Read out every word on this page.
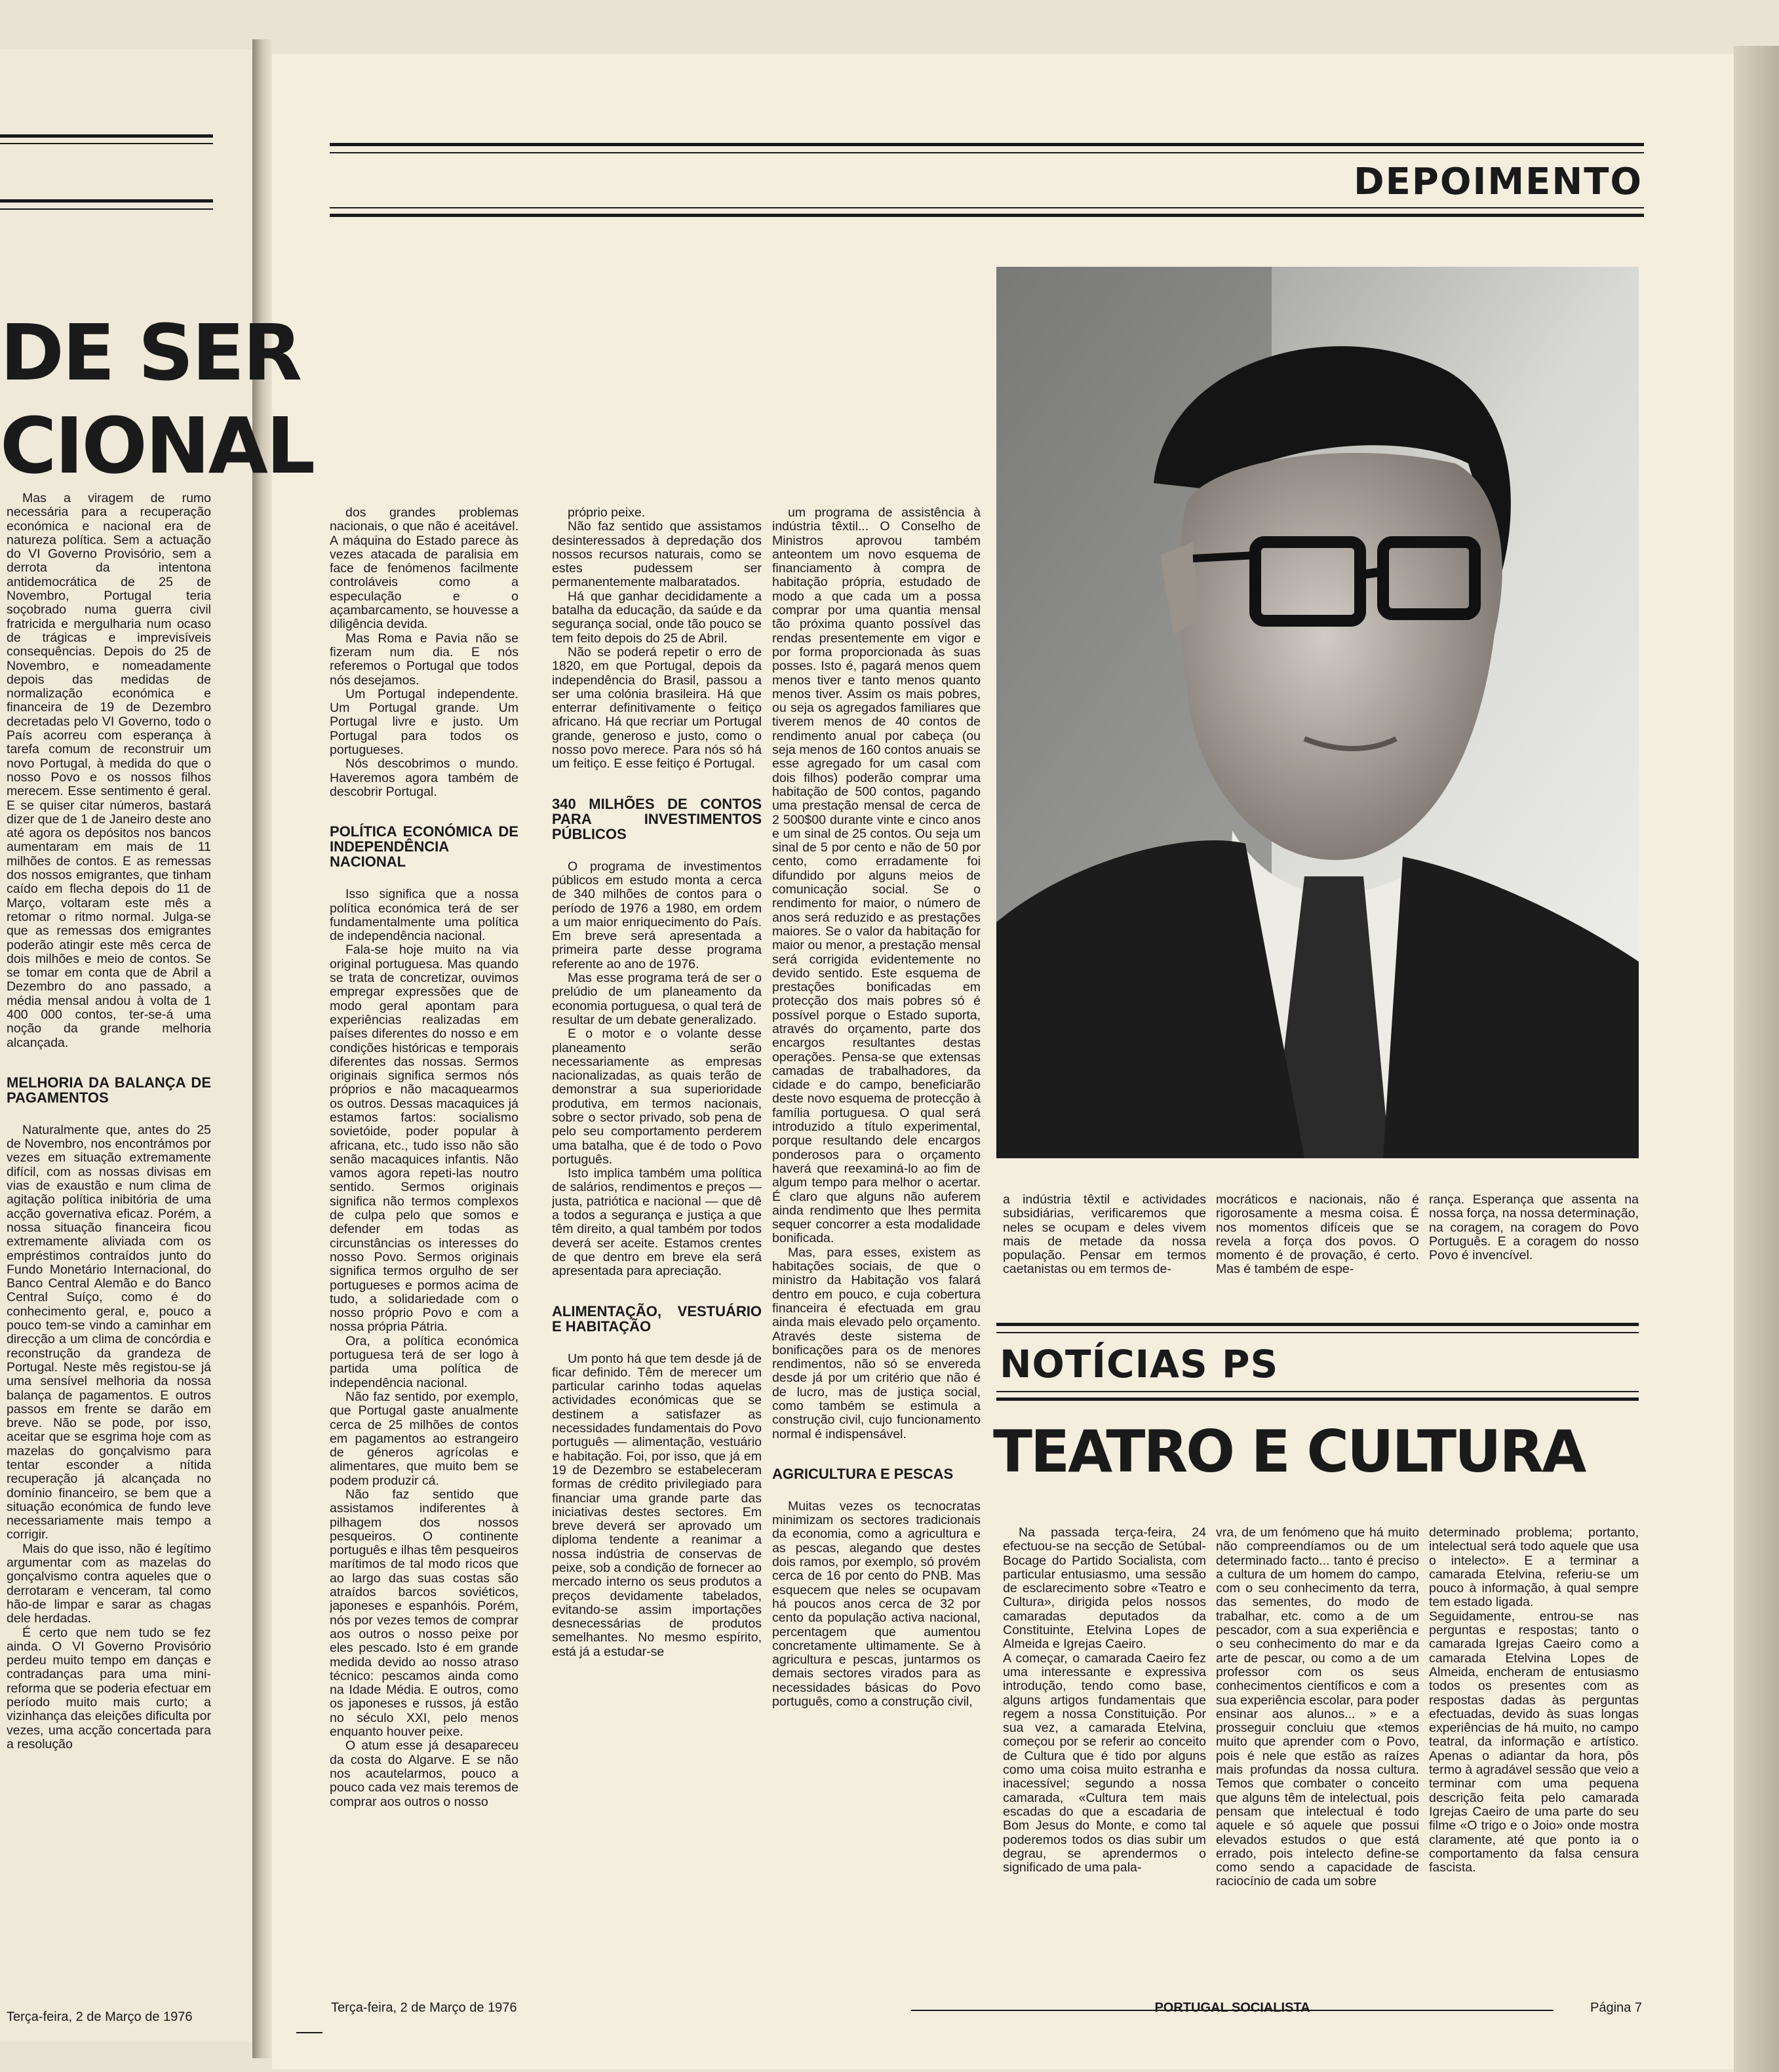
DE SER
CIONAL

Mas a viragem de rumo necessária para a recuperação económica e nacional era de natureza política. Sem a actuação do VI Governo Provisório, sem a derrota da intentona antidemocrática de 25 de Novembro, Portugal teria soçobrado numa guerra civil fratricida e mergulharia num ocaso de trágicas e imprevisíveis consequências. Depois do 25 de Novembro, e nomeadamente depois das medidas de normalização económica e financeira de 19 de Dezembro decretadas pelo VI Governo, todo o País acorreu com esperança à tarefa comum de reconstruir um novo Portugal, à medida do que o nosso Povo e os nossos filhos merecem. Esse sentimento é geral. E se quiser citar números, bastará dizer que de 1 de Janeiro deste ano até agora os depósitos nos bancos aumentaram em mais de 11 milhões de contos. E as remessas dos nossos emigrantes, que tinham caído em flecha depois do 11 de Março, voltaram este mês a retomar o ritmo normal. Julga-se que as remessas dos emigrantes poderão atingir este mês cerca de dois milhões e meio de contos. Se se tomar em conta que de Abril a Dezembro do ano passado, a média mensal andou à volta de 1 400 000 contos, ter-se-á uma noção da grande melhoria alcançada.

MELHORIA DA BALANÇA DE PAGAMENTOS

Naturalmente que, antes do 25 de Novembro, nos encontrámos por vezes em situação extremamente difícil, com as nossas divisas em vias de exaustão e num clima de agitação política inibitória de uma acção governativa eficaz. Porém, a nossa situação financeira ficou extremamente aliviada com os empréstimos contraídos junto do Fundo Monetário Internacional, do Banco Central Alemão e do Banco Central Suíço, como é do conhecimento geral, e, pouco a pouco tem-se vindo a caminhar em direcção a um clima de concórdia e reconstrução da grandeza de Portugal. Neste mês registou-se já uma sensível melhoria da nossa balança de pagamentos. E outros passos em frente se darão em breve. Não se pode, por isso, aceitar que se esgrima hoje com as mazelas do gonçalvismo para tentar esconder a nítida recuperação já alcançada no domínio financeiro, se bem que a situação económica de fundo leve necessariamente mais tempo a corrigir.

Mais do que isso, não é legítimo argumentar com as mazelas do gonçalvismo contra aqueles que o derrotaram e venceram, tal como hão-de limpar e sarar as chagas dele herdadas.

É certo que nem tudo se fez ainda. O VI Governo Provisório perdeu muito tempo em danças e contradanças para uma mini-reforma que se poderia efectuar em período muito mais curto; a vizinhança das eleições dificulta por vezes, uma acção concertada para a resolução

Terça-feira, 2 de Março de 1976
DEPOIMENTO

dos grandes problemas nacionais, o que não é aceitável. A máquina do Estado parece às vezes atacada de paralisia em face de fenómenos facilmente controláveis como a especulação e o açambarcamento, se houvesse a diligência devida.

Mas Roma e Pavia não se fizeram num dia. E nós referemos o Portugal que todos nós desejamos.

Um Portugal independente. Um Portugal grande. Um Portugal livre e justo. Um Portugal para todos os portugueses.

Nós descobrimos o mundo. Haveremos agora também de descobrir Portugal.

POLÍTICA ECONÓMICA DE INDEPENDÊNCIA NACIONAL

Isso significa que a nossa política económica terá de ser fundamentalmente uma política de independência nacional.

Fala-se hoje muito na via original portuguesa. Mas quando se trata de concretizar, ouvimos empregar expressões que de modo geral apontam para experiências realizadas em países diferentes do nosso e em condições históricas e temporais diferentes das nossas. Sermos originais significa sermos nós próprios e não macaquearmos os outros. Dessas macaquices já estamos fartos: socialismo sovietóide, poder popular à africana, etc., tudo isso não são senão macaquices infantis. Não vamos agora repeti-las noutro sentido. Sermos originais significa não termos complexos de culpa pelo que somos e defender em todas as circunstâncias os interesses do nosso Povo. Sermos originais significa termos orgulho de ser portugueses e pormos acima de tudo, a solidariedade com o nosso próprio Povo e com a nossa própria Pátria.

Ora, a política económica portuguesa terá de ser logo à partida uma política de independência nacional.

Não faz sentido, por exemplo, que Portugal gaste anualmente cerca de 25 milhões de contos em pagamentos ao estrangeiro de géneros agrícolas e alimentares, que muito bem se podem produzir cá.

Não faz sentido que assistamos indiferentes à pilhagem dos nossos pesqueiros. O continente português e ilhas têm pesqueiros marítimos de tal modo ricos que ao largo das suas costas são atraídos barcos soviéticos, japoneses e espanhóis. Porém, nós por vezes temos de comprar aos outros o nosso peixe por eles pescado. Isto é em grande medida devido ao nosso atraso técnico: pescamos ainda como na Idade Média. E outros, como os japoneses e russos, já estão no século XXI, pelo menos enquanto houver peixe.

O atum esse já desapareceu da costa do Algarve. E se não nos acautelarmos, pouco a pouco cada vez mais teremos de comprar aos outros o nosso

próprio peixe.

Não faz sentido que assistamos desinteressados à depredação dos nossos recursos naturais, como se estes pudessem ser permanentemente malbaratados.

Há que ganhar decididamente a batalha da educação, da saúde e da segurança social, onde tão pouco se tem feito depois do 25 de Abril.

Não se poderá repetir o erro de 1820, em que Portugal, depois da independência do Brasil, passou a ser uma colónia brasileira. Há que enterrar definitivamente o feitiço africano. Há que recriar um Portugal grande, generoso e justo, como o nosso povo merece. Para nós só há um feitiço. E esse feitiço é Portugal.

340 MILHÕES DE CONTOS PARA INVESTIMENTOS PÚBLICOS

O programa de investimentos públicos em estudo monta a cerca de 340 milhões de contos para o período de 1976 a 1980, em ordem a um maior enriquecimento do País. Em breve será apresentada a primeira parte desse programa referente ao ano de 1976.

Mas esse programa terá de ser o prelúdio de um planeamento da economia portuguesa, o qual terá de resultar de um debate generalizado.

E o motor e o volante desse planeamento serão necessariamente as empresas nacionalizadas, as quais terão de demonstrar a sua superioridade produtiva, em termos nacionais, sobre o sector privado, sob pena de pelo seu comportamento perderem uma batalha, que é de todo o Povo português.

Isto implica também uma política de salários, rendimentos e preços — justa, patriótica e nacional — que dê a todos a segurança e justiça a que têm direito, a qual também por todos deverá ser aceite. Estamos crentes de que dentro em breve ela será apresentada para apreciação.

ALIMENTAÇÃO, VESTUÁRIO E HABITAÇÃO

Um ponto há que tem desde já de ficar definido. Têm de merecer um particular carinho todas aquelas actividades económicas que se destinem a satisfazer as necessidades fundamentais do Povo português — alimentação, vestuário e habitação. Foi, por isso, que já em 19 de Dezembro se estabeleceram formas de crédito privilegiado para financiar uma grande parte das iniciativas destes sectores. Em breve deverá ser aprovado um diploma tendente a reanimar a nossa indústria de conservas de peixe, sob a condição de fornecer ao mercado interno os seus produtos a preços devidamente tabelados, evitando-se assim importações desnecessárias de produtos semelhantes. No mesmo espírito, está já a estudar-se

um programa de assistência à indústria têxtil... O Conselho de Ministros aprovou também anteontem um novo esquema de financiamento à compra de habitação própria, estudado de modo a que cada um a possa comprar por uma quantia mensal tão próxima quanto possível das rendas presentemente em vigor e por forma proporcionada às suas posses. Isto é, pagará menos quem menos tiver e tanto menos quanto menos tiver. Assim os mais pobres, ou seja os agregados familiares que tiverem menos de 40 contos de rendimento anual por cabeça (ou seja menos de 160 contos anuais se esse agregado for um casal com dois filhos) poderão comprar uma habitação de 500 contos, pagando uma prestação mensal de cerca de 2 500$00 durante vinte e cinco anos e um sinal de 25 contos. Ou seja um sinal de 5 por cento e não de 50 por cento, como erradamente foi difundido por alguns meios de comunicação social. Se o rendimento for maior, o número de anos será reduzido e as prestações maiores. Se o valor da habitação for maior ou menor, a prestação mensal será corrigida evidentemente no devido sentido. Este esquema de prestações bonificadas em protecção dos mais pobres só é possível porque o Estado suporta, através do orçamento, parte dos encargos resultantes destas operações. Pensa-se que extensas camadas de trabalhadores, da cidade e do campo, beneficiarão deste novo esquema de protecção à família portuguesa. O qual será introduzido a título experimental, porque resultando dele encargos ponderosos para o orçamento haverá que reexaminá-lo ao fim de algum tempo para melhor o acertar. É claro que alguns não auferem ainda rendimento que lhes permita sequer concorrer a esta modalidade bonificada.

Mas, para esses, existem as habitações sociais, de que o ministro da Habitação vos falará dentro em pouco, e cuja cobertura financeira é efectuada em grau ainda mais elevado pelo orçamento. Através deste sistema de bonificações para os de menores rendimentos, não só se envereda desde já por um critério que não é de lucro, mas de justiça social, como também se estimula a construção civil, cujo funcionamento normal é indispensável.

AGRICULTURA E PESCAS

Muitas vezes os tecnocratas minimizam os sectores tradicionais da economia, como a agricultura e as pescas, alegando que destes dois ramos, por exemplo, só provém cerca de 16 por cento do PNB. Mas esquecem que neles se ocupavam há poucos anos cerca de 32 por cento da população activa nacional, percentagem que aumentou concretamente ultimamente. Se à agricultura e pescas, juntarmos os demais sectores virados para as necessidades básicas do Povo português, como a construção civil,

a indústria têxtil e actividades subsidiárias, verificaremos que neles se ocupam e deles vivem mais de metade da nossa população. Pensar em termos caetanistas ou em termos de-

mocráticos e nacionais, não é rigorosamente a mesma coisa. É nos momentos difíceis que se revela a força dos povos. O momento é de provação, é certo. Mas é também de espe-

rança. Esperança que assenta na nossa força, na nossa determinação, na coragem, na coragem do Povo Português. E a coragem do nosso Povo é invencível.

NOTÍCIAS PS
TEATRO E CULTURA

Na passada terça-feira, 24 efectuou-se na secção de Setúbal-Bocage do Partido Socialista, com particular entusiasmo, uma sessão de esclarecimento sobre «Teatro e Cultura», dirigida pelos nossos camaradas deputados da Constituinte, Etelvina Lopes de Almeida e Igrejas Caeiro.
A começar, o camarada Caeiro fez uma interessante e expressiva introdução, tendo como base, alguns artigos fundamentais que regem a nossa Constituição. Por sua vez, a camarada Etelvina, começou por se referir ao conceito de Cultura que é tido por alguns como uma coisa muito estranha e inacessível; segundo a nossa camarada, «Cultura tem mais escadas do que a escadaria de Bom Jesus do Monte, e como tal poderemos todos os dias subir um degrau, se aprendermos o significado de uma pala-

vra, de um fenómeno que há muito não compreendíamos ou de um determinado facto... tanto é preciso a cultura de um homem do campo, com o seu conhecimento da terra, das sementes, do modo de trabalhar, etc. como a de um pescador, com a sua experiência e o seu conhecimento do mar e da arte de pescar, ou como a de um professor com os seus conhecimentos científicos e com a sua experiência escolar, para poder ensinar aos alunos... » e a prosseguir concluiu que «temos muito que aprender com o Povo, pois é nele que estão as raízes mais profundas da nossa cultura. Temos que combater o conceito que alguns têm de intelectual, pois pensam que intelectual é todo aquele e só aquele que possui elevados estudos o que está errado, pois intelecto define-se como sendo a capacidade de raciocínio de cada um sobre

determinado problema; portanto, intelectual será todo aquele que usa o intelecto». E a terminar a camarada Etelvina, referiu-se um pouco à informação, à qual sempre tem estado ligada.
Seguidamente, entrou-se nas perguntas e respostas; tanto o camarada Igrejas Caeiro como a camarada Etelvina Lopes de Almeida, encheram de entusiasmo todos os presentes com as respostas dadas às perguntas efectuadas, devido às suas longas experiências de há muito, no campo teatral, da informação e artístico. Apenas o adiantar da hora, pôs termo à agradável sessão que veio a terminar com uma pequena descrição feita pelo camarada Igrejas Caeiro de uma parte do seu filme «O trigo e o Joio» onde mostra claramente, até que ponto ia o comportamento da falsa censura fascista.

Terça-feira, 2 de Março de 1976	PORTUGAL SOCIALISTA	Página 7
